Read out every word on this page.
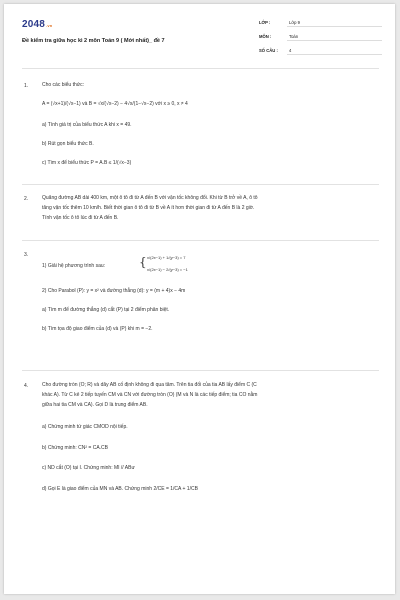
2048.vn
Đề kiểm tra giữa học kì 2 môn Toán 9 ( Mới nhất)_ đề 7
LỚP :	Lớp 9
MÔN :	Toán
SỐ CÂU :	4
1.	Cho các biểu thức:
A = (√x+1)/(√x−1) và B = √x/(√x−2) − 4√x/(1−√x−2) với x ≥ 0, x ≠ 4
a) Tính giá trị của biểu thức A khi x = 49.
b) Rút gọn biểu thức B.
c) Tìm x để biểu thức P = A.B ≤ 1/(√x−3)
2.	Quãng đường AB dài 400 km, một ô tô đi từ A đến B với vận tốc không đổi. Khi từ B trở về A, ô tô
tăng vận tốc thêm 10 km/h. Biết thời gian ô tô đi từ B về A ít hơn thời gian đi từ A đến B là 2 giờ.
Tính vận tốc ô tô lúc đi từ A đến B.
3.
1) Giải hệ phương trình sau:	{ x/(2x−1) + 1/(y−3) = 7
x/(2x−1) − 2/(y−3) = −1
2) Cho Parabol (P): y = x² và đường thẳng (d): y = (m + 4)x − 4m
a) Tìm m để đường thẳng (d) cắt (P) tại 2 điểm phân biệt.
b) Tìm tọa độ giao điểm của (d) và (P) khi m = −2.
4.	Cho đường tròn (O; R) và dây AB cố định không đi qua tâm. Trên tia đối của tia AB lấy điểm C (C
khác A). Từ C kẻ 2 tiếp tuyến CM và CN với đường tròn (O) (M và N là các tiếp điểm; tia CO nằm
giữa hai tia CM và CA). Gọi D là trung điểm AB.
a) Chứng minh tứ giác CMOD nội tiếp.
b) Chứng minh: CN² = CA.CB
c) ND cắt (O) tại I. Chứng minh: MI // ABư
d) Gọi E là giao điểm của MN và AB. Chứng minh 2/CE = 1/CA + 1/CB
